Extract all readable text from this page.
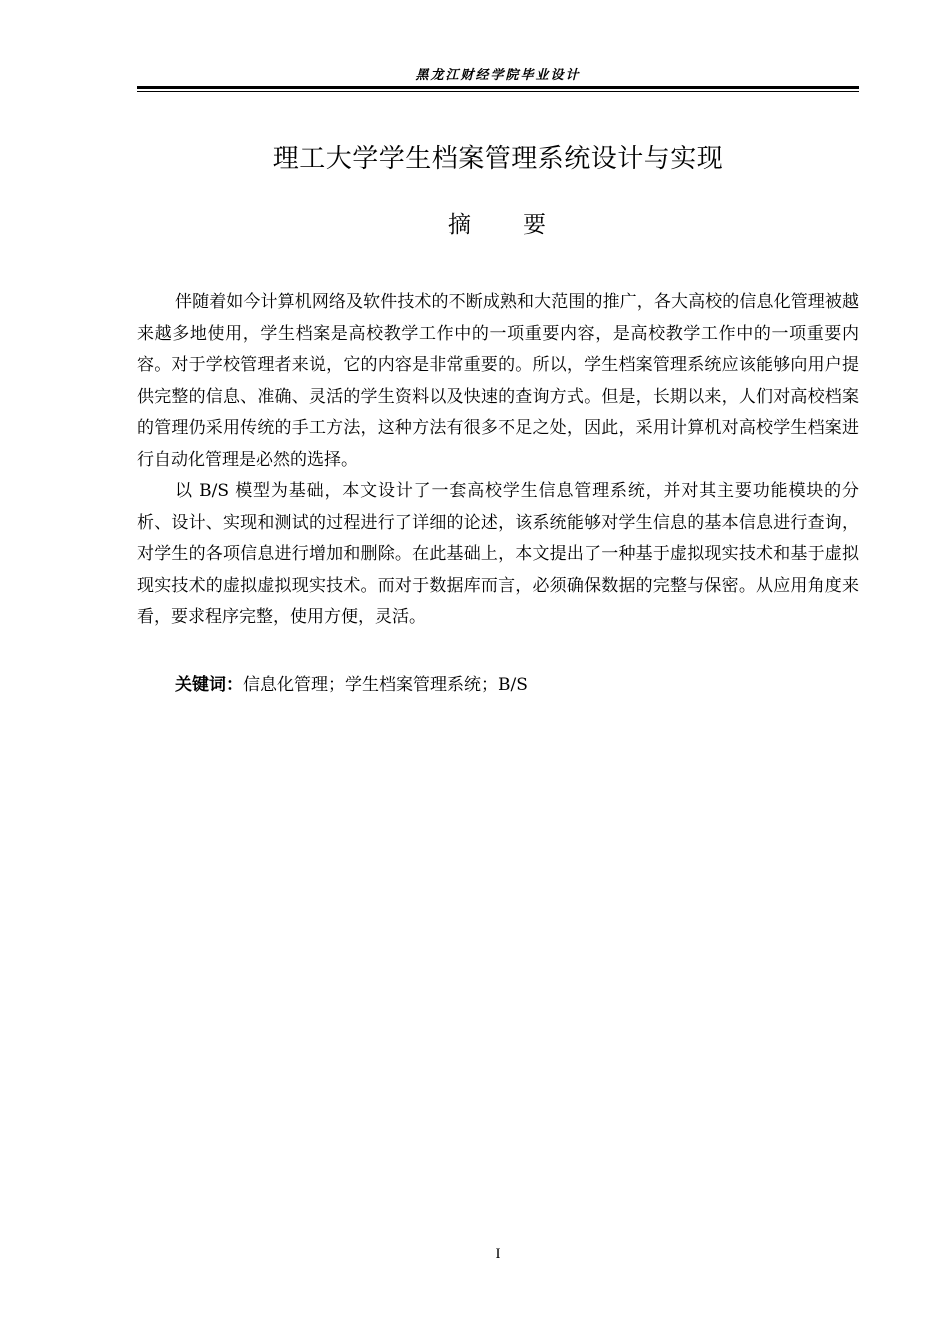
黑龙江财经学院毕业设计
理工大学学生档案管理系统设计与实现
摘　　要

伴随着如今计算机网络及软件技术的不断成熟和大范围的推广，各大高校的信息化管理被越来越多地使用，学生档案是高校教学工作中的一项重要内容，是高校教学工作中的一项重要内容。对于学校管理者来说，它的内容是非常重要的。所以，学生档案管理系统应该能够向用户提供完整的信息、准确、灵活的学生资料以及快速的查询方式。但是，长期以来，人们对高校档案的管理仍采用传统的手工方法，这种方法有很多不足之处，因此，采用计算机对高校学生档案进行自动化管理是必然的选择。

以 B/S 模型为基础，本文设计了一套高校学生信息管理系统，并对其主要功能模块的分析、设计、实现和测试的过程进行了详细的论述，该系统能够对学生信息的基本信息进行查询，对学生的各项信息进行增加和删除。在此基础上，本文提出了一种基于虚拟现实技术和基于虚拟现实技术的虚拟虚拟现实技术。而对于数据库而言，必须确保数据的完整与保密。从应用角度来看，要求程序完整，使用方便，灵活。

关键词：信息化管理；学生档案管理系统；B/S
I
